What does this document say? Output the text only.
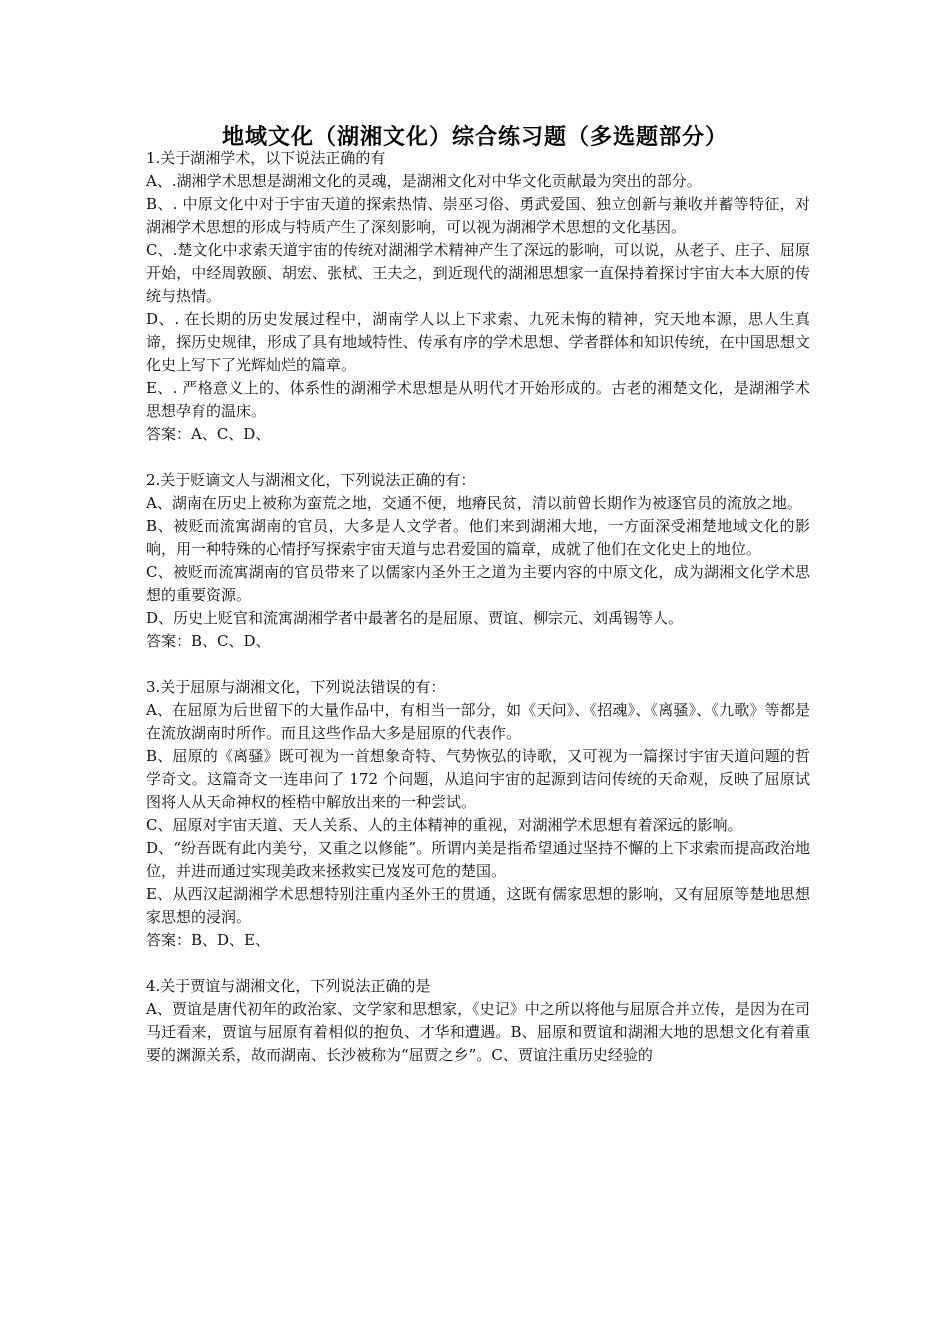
地域文化（湖湘文化）综合练习题（多选题部分）

1.关于湖湘学术，以下说法正确的有

A、.湖湘学术思想是湖湘文化的灵魂，是湖湘文化对中华文化贡献最为突出的部分。

B、. 中原文化中对于宇宙天道的探索热情、崇巫习俗、勇武爱国、独立创新与兼收并蓄等特征，对湖湘学术思想的形成与特质产生了深刻影响，可以视为湖湘学术思想的文化基因。

C、.楚文化中求索天道宇宙的传统对湖湘学术精神产生了深远的影响，可以说，从老子、庄子、屈原开始，中经周敦颐、胡宏、张栻、王夫之，到近现代的湖湘思想家一直保持着探讨宇宙大本大原的传统与热情。

D、. 在长期的历史发展过程中，湖南学人以上下求索、九死未悔的精神，究天地本源，思人生真谛，探历史规律，形成了具有地域特性、传承有序的学术思想、学者群体和知识传统，在中国思想文化史上写下了光辉灿烂的篇章。

E、. 严格意义上的、体系性的湖湘学术思想是从明代才开始形成的。古老的湘楚文化，是湖湘学术思想孕育的温床。

答案：A、C、D、

2.关于贬谪文人与湖湘文化，下列说法正确的有：

A、湖南在历史上被称为蛮荒之地，交通不便，地瘠民贫，清以前曾长期作为被逐官员的流放之地。

B、被贬而流寓湖南的官员，大多是人文学者。他们来到湖湘大地，一方面深受湘楚地域文化的影响，用一种特殊的心情抒写探索宇宙天道与忠君爱国的篇章，成就了他们在文化史上的地位。

C、被贬而流寓湖南的官员带来了以儒家内圣外王之道为主要内容的中原文化，成为湖湘文化学术思想的重要资源。

D、历史上贬官和流寓湖湘学者中最著名的是屈原、贾谊、柳宗元、刘禹锡等人。

答案：B、C、D、

3.关于屈原与湖湘文化，下列说法错误的有：

A、在屈原为后世留下的大量作品中，有相当一部分，如《天问》、《招魂》、《离骚》、《九歌》等都是在流放湖南时所作。而且这些作品大多是屈原的代表作。

B、屈原的《离骚》既可视为一首想象奇特、气势恢弘的诗歌，又可视为一篇探讨宇宙天道问题的哲学奇文。这篇奇文一连串问了 172 个问题，从追问宇宙的起源到诘问传统的天命观，反映了屈原试图将人从天命神权的桎梏中解放出来的一种尝试。

C、屈原对宇宙天道、天人关系、人的主体精神的重视，对湖湘学术思想有着深远的影响。

D、“纷吾既有此内美兮，又重之以修能”。所谓内美是指希望通过坚持不懈的上下求索而提高政治地位，并进而通过实现美政来拯救实已岌岌可危的楚国。

E、从西汉起湖湘学术思想特别注重内圣外王的贯通，这既有儒家思想的影响，又有屈原等楚地思想家思想的浸润。

答案：B、D、E、

4.关于贾谊与湖湘文化，下列说法正确的是

A、贾谊是唐代初年的政治家、文学家和思想家，《史记》中之所以将他与屈原合并立传，是因为在司马迁看来，贾谊与屈原有着相似的抱负、才华和遭遇。B、屈原和贾谊和湖湘大地的思想文化有着重要的渊源关系，故而湖南、长沙被称为“屈贾之乡”。C、贾谊注重历史经验的
